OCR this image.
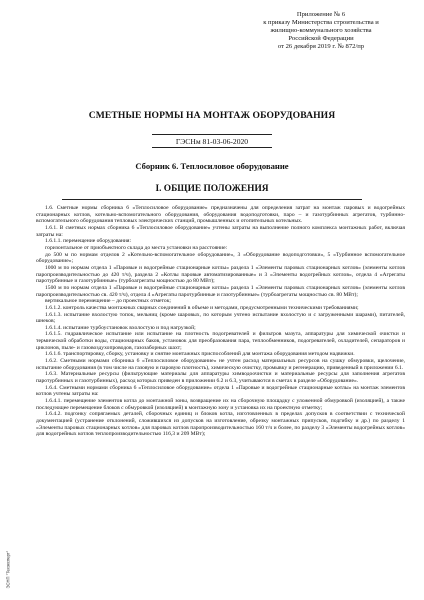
Приложение № 6
к приказу Министерства строительства и
жилищно-коммунального хозяйства
Российской Федерации
от 26 декабря 2019 г. № 872/пр
СМЕТНЫЕ НОРМЫ НА МОНТАЖ ОБОРУДОВАНИЯ
ГЭСНм 81-03-06-2020
Сборник 6. Теплосиловое оборудование
I. ОБЩИЕ ПОЛОЖЕНИЯ

1.6. Сметные нормы сборника 6 «Теплосиловое оборудование» предназначены для определения затрат на монтаж паровых и водогрейных стационарных котлов, котельно-вспомогательного оборудования, оборудования водоподготовки, паро – и газотурбинных агрегатов, турбинно-вспомогательного оборудования тепловых электрических станций, промышленных и отопительных котельных.

1.6.1. В сметных нормах сборника 6 «Теплосиловое оборудование» учтены затраты на выполнение полного комплекса монтажных работ, включая затраты на:

1.6.1.1. перемещение оборудования:

горизонтальное от приобъектного склада до места установки на расстояние:

до 500 м по нормам отделов 2 «Котельно-вспомогательное оборудование», 3 «Оборудование водоподготовки», 5 «Турбинное вспомогательное оборудование»;

1000 м по нормам отдела 1 «Паровые и водогрейные стационарные котлы» раздела 1 «Элементы паровых стационарных котлов» (элементы котлов паропроизводительностью до 420 т/ч), раздела 2 «Котлы паровые автоматизированные» и 3 «Элементы водогрейных котлов», отдела 4 «Агрегаты паротурбинные и газотурбинные» (турбоагрегаты мощностью до 80 МВт);

1500 м по нормам отдела 1 «Паровые и водогрейные стационарные котлы» раздела 1 «Элементы паровых стационарных котлов» (элементы котлов паропроизводительностью св. 420 т/ч), отдела 4 «Агрегаты паротурбинные и газотурбинные» (турбоагрегаты мощностью св. 80 МВт);

вертикальное перемещение – до проектных отметок;

1.6.1.2. контроль качества монтажных сварных соединений в объеме и методами, предусмотренными техническими требованиями;

1.6.1.3. испытание вхолостую топок, мельниц (кроме шаровых, по которым учтено испытание вхолостую и с загруженными шарами), питателей, шнеков;

1.6.1.4. испытание турбоустановок вхолостую и под нагрузкой;

1.6.1.5. гидравлическое испытание или испытание на плотность подогревателей и фильтров мазута, аппаратуры для химической очистки и термической обработки воды, стационарных баков, установок для преобразования пара, теплообменников, подогревателей, охладителей, сепараторов и циклонов, пыле- и газовоздухопроводов, газозаборных шахт;

1.6.1.6. транспортировку, сборку, установку и снятие монтажных приспособлений для монтажа оборудования методом надвижки.

1.6.2. Сметными нормами сборника 6 «Теплосиловое оборудование» не учтен расход материальных ресурсов на сушку обмуровки, щелочение, испытание оборудования (в том числе на газовую и паровую плотность), химическую очистку, промывку и регенерацию, приведенный в приложении 6.1.

1.6.3. Материальные ресурсы (фильтрующие материалы для аппаратуры химводоочистки и материальные ресурсы для заполнения агрегатов паротурбинных и газотурбинных), расход которых приведен в приложении 6.2 и 6.3, учитываются в сметах в разделе «Оборудование».

1.6.4. Сметными нормами сборника 6 «Теплосиловое оборудование» отдела 1 «Паровые и водогрейные стационарные котлы» на монтаж элементов котлов учтены затраты на:

1.6.4.1. перемещение элементов котла до монтажной зоны, возвращение их на сборочную площадку с уложенной обмуровкой (изоляцией), а также последующее перемещение блоков с обмуровкой (изоляцией) в монтажную зону и установка их на проектную отметку;

1.6.4.2. подгонку сопрягаемых деталей, сборочных единиц и блоков котла, изготовленных в пределах допусков в соответствии с технической документацией (устранение отклонений, сложившихся из допусков на изготовление, обрезку монтажных припусков, подгибку и др.) по разделу 1 «Элементы паровых стационарных котлов» для паровых котлов паропроизводительностью 160 т/ч и более, по разделу 3 «Элементы водогрейных котлов» для водогрейных котлов теплопроизводительностью 116,3 и 209 МВт);

ЭСНП "Техэксперт"
